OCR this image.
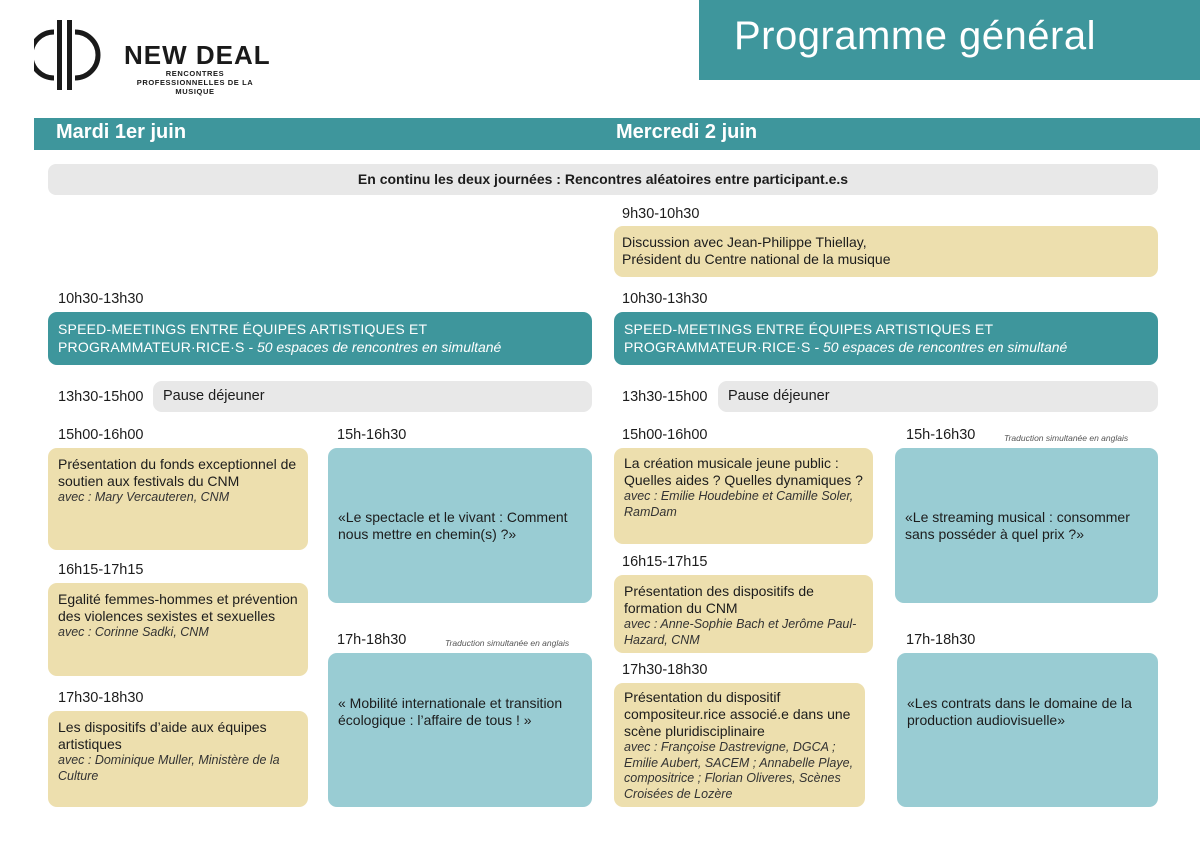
NEW DEAL
RENCONTRES PROFESSIONNELLES DE LA MUSIQUE
Programme général
Mardi 1er juin	Mercredi 2 juin
En continu les deux journées : Rencontres aléatoires entre participant.e.s
9h30-10h30
Discussion avec Jean-Philippe Thiellay,
Président du Centre national de la musique
10h30-13h30
SPEED-MEETINGS ENTRE ÉQUIPES ARTISTIQUES ET PROGRAMMATEUR·RICE·S - 50 espaces de rencontres en simultané
10h30-13h30
SPEED-MEETINGS ENTRE ÉQUIPES ARTISTIQUES ET PROGRAMMATEUR·RICE·S - 50 espaces de rencontres en simultané
13h30-15h00	Pause déjeuner	13h30-15h00	Pause déjeuner
15h00-16h00
Présentation du fonds exceptionnel de soutien aux festivals du CNM
avec : Mary Vercauteren, CNM
16h15-17h15
Egalité femmes-hommes et prévention des violences sexistes et sexuelles
avec : Corinne Sadki, CNM
17h30-18h30
Les dispositifs d’aide aux équipes artistiques
avec : Dominique Muller, Ministère de la Culture
15h-16h30
«Le spectacle et le vivant : Comment nous mettre en chemin(s) ?»
17h-18h30	Traduction simultanée en anglais
« Mobilité internationale et transition écologique : l’affaire de tous ! »
15h00-16h00
La création musicale jeune public : Quelles aides ? Quelles dynamiques ?
avec : Emilie Houdebine et Camille Soler, RamDam
16h15-17h15
Présentation des dispositifs de formation du CNM
avec : Anne-Sophie Bach et Jerôme Paul-Hazard, CNM
17h30-18h30
Présentation du dispositif compositeur.rice associé.e dans une scène pluridisciplinaire
avec : Françoise Dastrevigne, DGCA ; Emilie Aubert, SACEM ; Annabelle Playe, compositrice ; Florian Oliveres, Scènes Croisées de Lozère
15h-16h30	Traduction simultanée en anglais
«Le streaming musical : consommer sans posséder à quel prix ?»
17h-18h30
«Les contrats dans le domaine de la production audiovisuelle»
